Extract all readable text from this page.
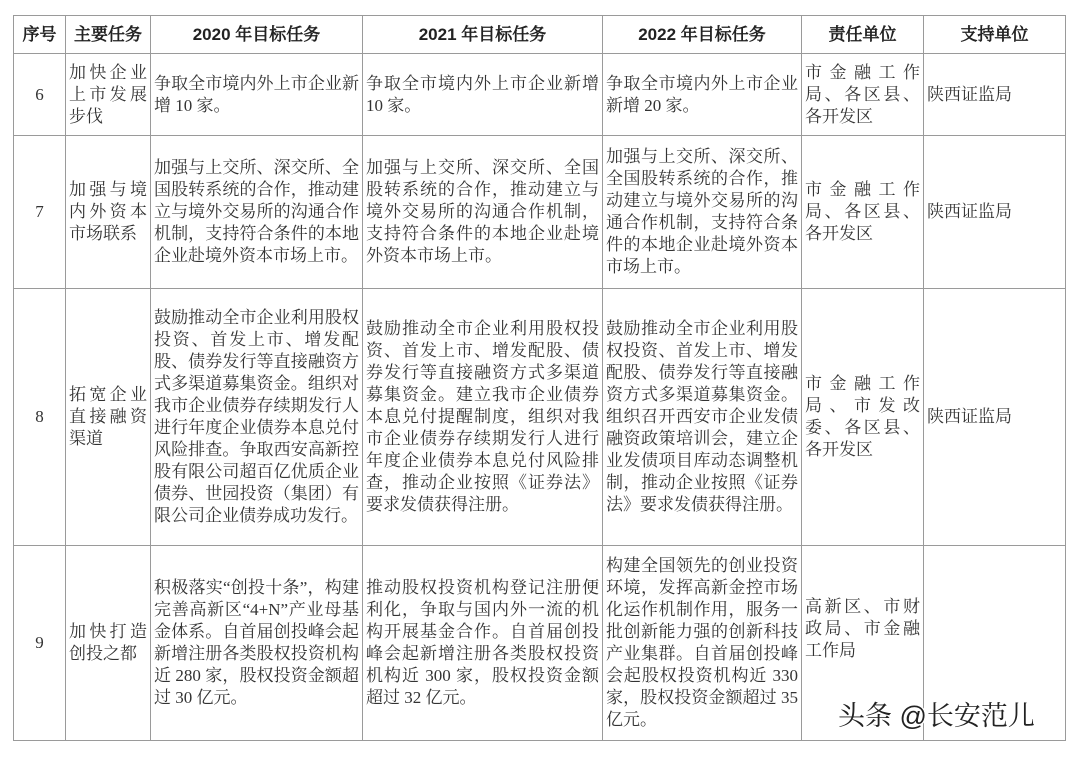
序号	主要任务	2020 年目标任务	2021 年目标任务	2022 年目标任务	责任单位	支持单位
6	加快企业上市发展步伐	争取全市境内外上市企业新增 10 家。	争取全市境内外上市企业新增 10 家。	争取全市境内外上市企业新增 20 家。	市金融工作局、各区县、各开发区	陕西证监局
7	加强与境内外资本市场联系	加强与上交所、深交所、全国股转系统的合作，推动建立与境外交易所的沟通合作机制，支持符合条件的本地企业赴境外资本市场上市。	加强与上交所、深交所、全国股转系统的合作，推动建立与境外交易所的沟通合作机制，支持符合条件的本地企业赴境外资本市场上市。	加强与上交所、深交所、全国股转系统的合作，推动建立与境外交易所的沟通合作机制，支持符合条件的本地企业赴境外资本市场上市。	市金融工作局、各区县、各开发区	陕西证监局
8	拓宽企业直接融资渠道	鼓励推动全市企业利用股权投资、首发上市、增发配股、债券发行等直接融资方式多渠道募集资金。组织对我市企业债券存续期发行人进行年度企业债券本息兑付风险排查。争取西安高新控股有限公司超百亿优质企业债券、世园投资（集团）有限公司企业债券成功发行。	鼓励推动全市企业利用股权投资、首发上市、增发配股、债券发行等直接融资方式多渠道募集资金。建立我市企业债券本息兑付提醒制度，组织对我市企业债券存续期发行人进行年度企业债券本息兑付风险排查，推动企业按照《证券法》要求发债获得注册。	鼓励推动全市企业利用股权投资、首发上市、增发配股、债券发行等直接融资方式多渠道募集资金。组织召开西安市企业发债融资政策培训会，建立企业发债项目库动态调整机制，推动企业按照《证券法》要求发债获得注册。	市金融工作局、市发改委、各区县、各开发区	陕西证监局
9	加快打造创投之都	积极落实“创投十条”，构建完善高新区“4+N”产业母基金体系。自首届创投峰会起新增注册各类股权投资机构近 280 家，股权投资金额超过 30 亿元。	推动股权投资机构登记注册便利化，争取与国内外一流的机构开展基金合作。自首届创投峰会起新增注册各类股权投资机构近 300 家，股权投资金额超过 32 亿元。	构建全国领先的创业投资环境，发挥高新金控市场化运作机制作用，服务一批创新能力强的创新科技产业集群。自首届创投峰会起股权投资机构近 330 家，股权投资金额超过 35 亿元。	高新区、市财政局、市金融工作局	
头条 @长安范儿
